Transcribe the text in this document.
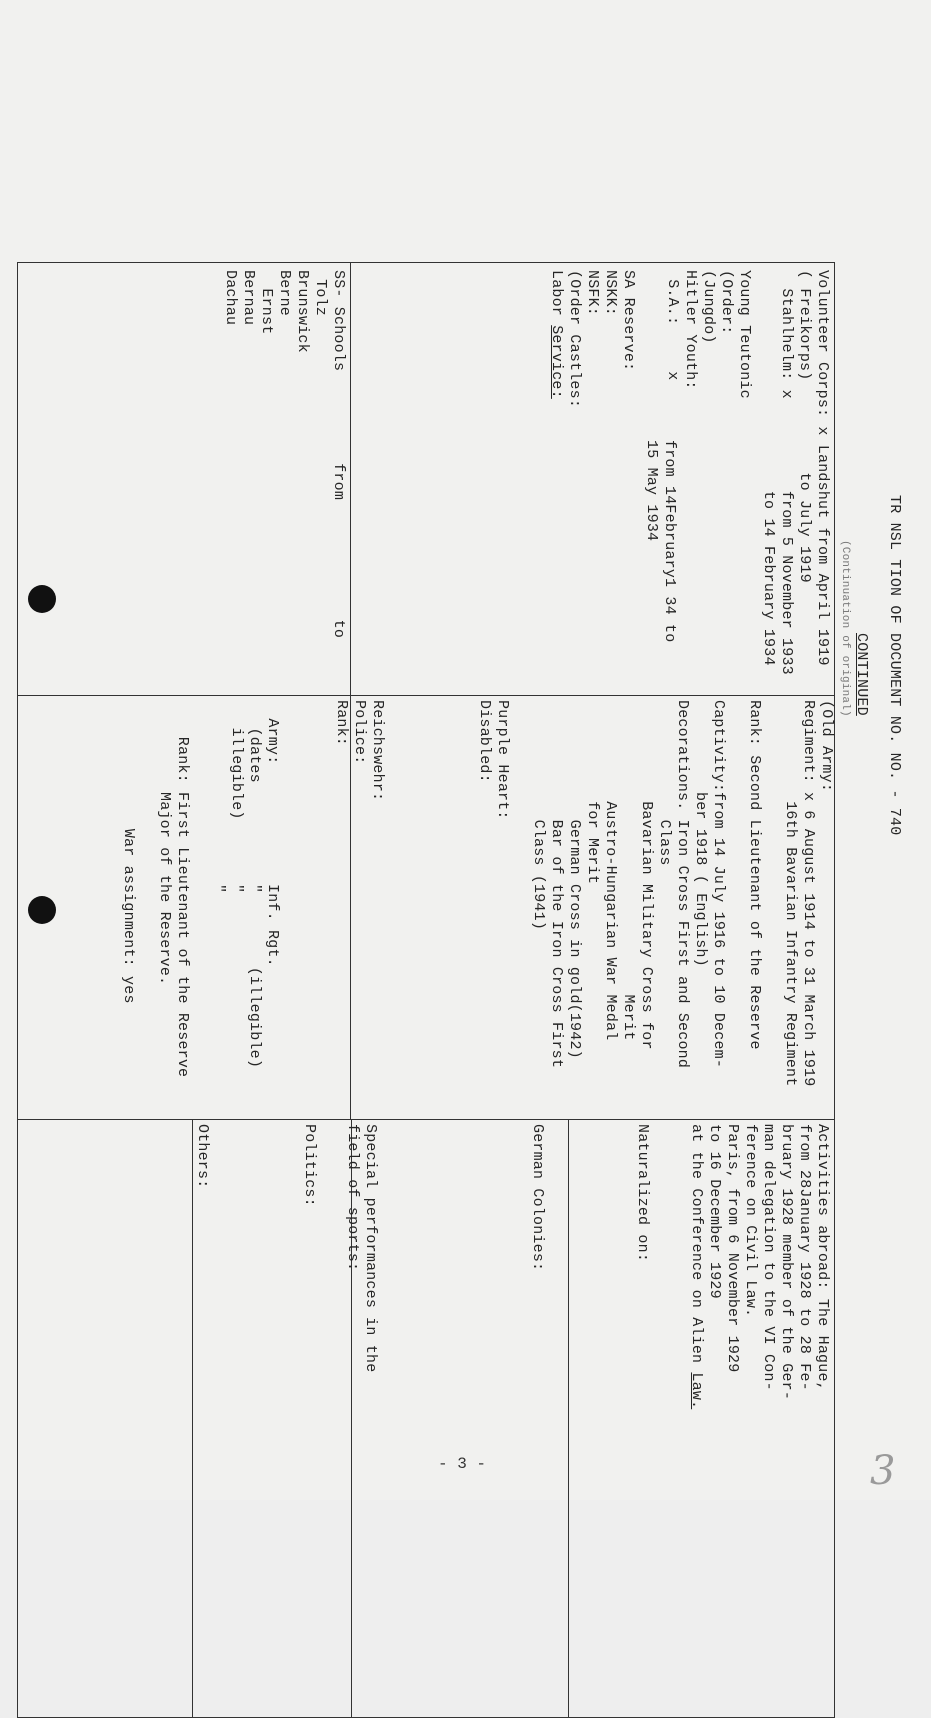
TR NSL TION OF DOCUMENT NO. NO. - 740
CONTINUED
(Continuation of original)
Volunteer Corps: x Landshut from April 1919
( Freikorps)          to July 1919
Stahlhelm: x          from 5 November 1933
to 14 February 1934
Young Teutonic
(Order:
(Jungdo)
Hitler Youth:
S.A.:     x
from 14February1 34 to
15 May 1934
SA Reserve:
NSKK:
NSFK:
(Order Castles:
Labor Service:
SS- Schools          from             to
Tolz
Brunswick
Berne
Ernst
Bernau
Dachau
(Old Army:
Regiment: x 6 August 1914 to 31 March 1919
16th Bavarian Infantry Regiment

Rank: Second Lieutenant of the Reserve

Captivity:from 14 July 1916 to 10 Decem-
ber 1918 ( English)
Decorations. Iron Cross First and Second
Class
Bavarian Military Cross for
Merit
Austro-Hungarian War Medal
for Merit
German Cross in gold(1942)
Bar of the Iron Cross First
Class (1941)

Purple Heart:
Disabled:
Reichswehr:
Police:
Rank:
Army:             Inf. Rgt.
(dates           "        (illegible)
illegible)       "
"

Rank: First Lieutenant of the Reserve
Major of the Reserve.

War assignment: yes
Activities abroad: The Hague,
from 28January 1928 to 28 Fe-
bruary 1928 member of the Ger-
man delegation to the VI Con-
ference on Civil Law.
Paris, from 6 November 1929
to 16 December 1929
at the Conference on Alien Law.
Naturalized on:
German Colonies:
Special performances in the
field of sports:
Politics:
Others:
- 3 -	3
